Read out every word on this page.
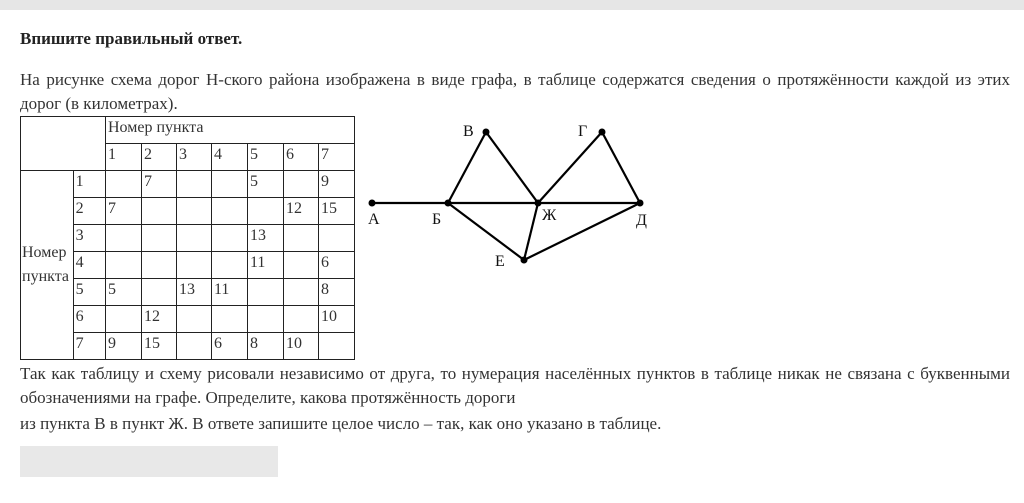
Впишите правильный ответ.
На рисунке схема дорог Н-ского района изображена в виде графа, в таблице содержатся сведения о протяжённости каждой из этих дорог (в километрах).
		Номер пункта						
		1	2	3	4	5	6	7
Номер пункта	1		7			5		9
	2	7					12	15
	3					13		
	4					11		6
	5	5		13	11			8
	6		12					10
	7	9	15		6	8	10	
А	Б
В	Г
Ж	Д
Е
Так как таблицу и схему рисовали независимо от друга, то нумерация населённых пунктов в таблице никак не связана с буквенными обозначениями на графе. Определите, какова протяжённость дороги
из пункта В в пункт Ж. В ответе запишите целое число – так, как оно указано в таблице.
